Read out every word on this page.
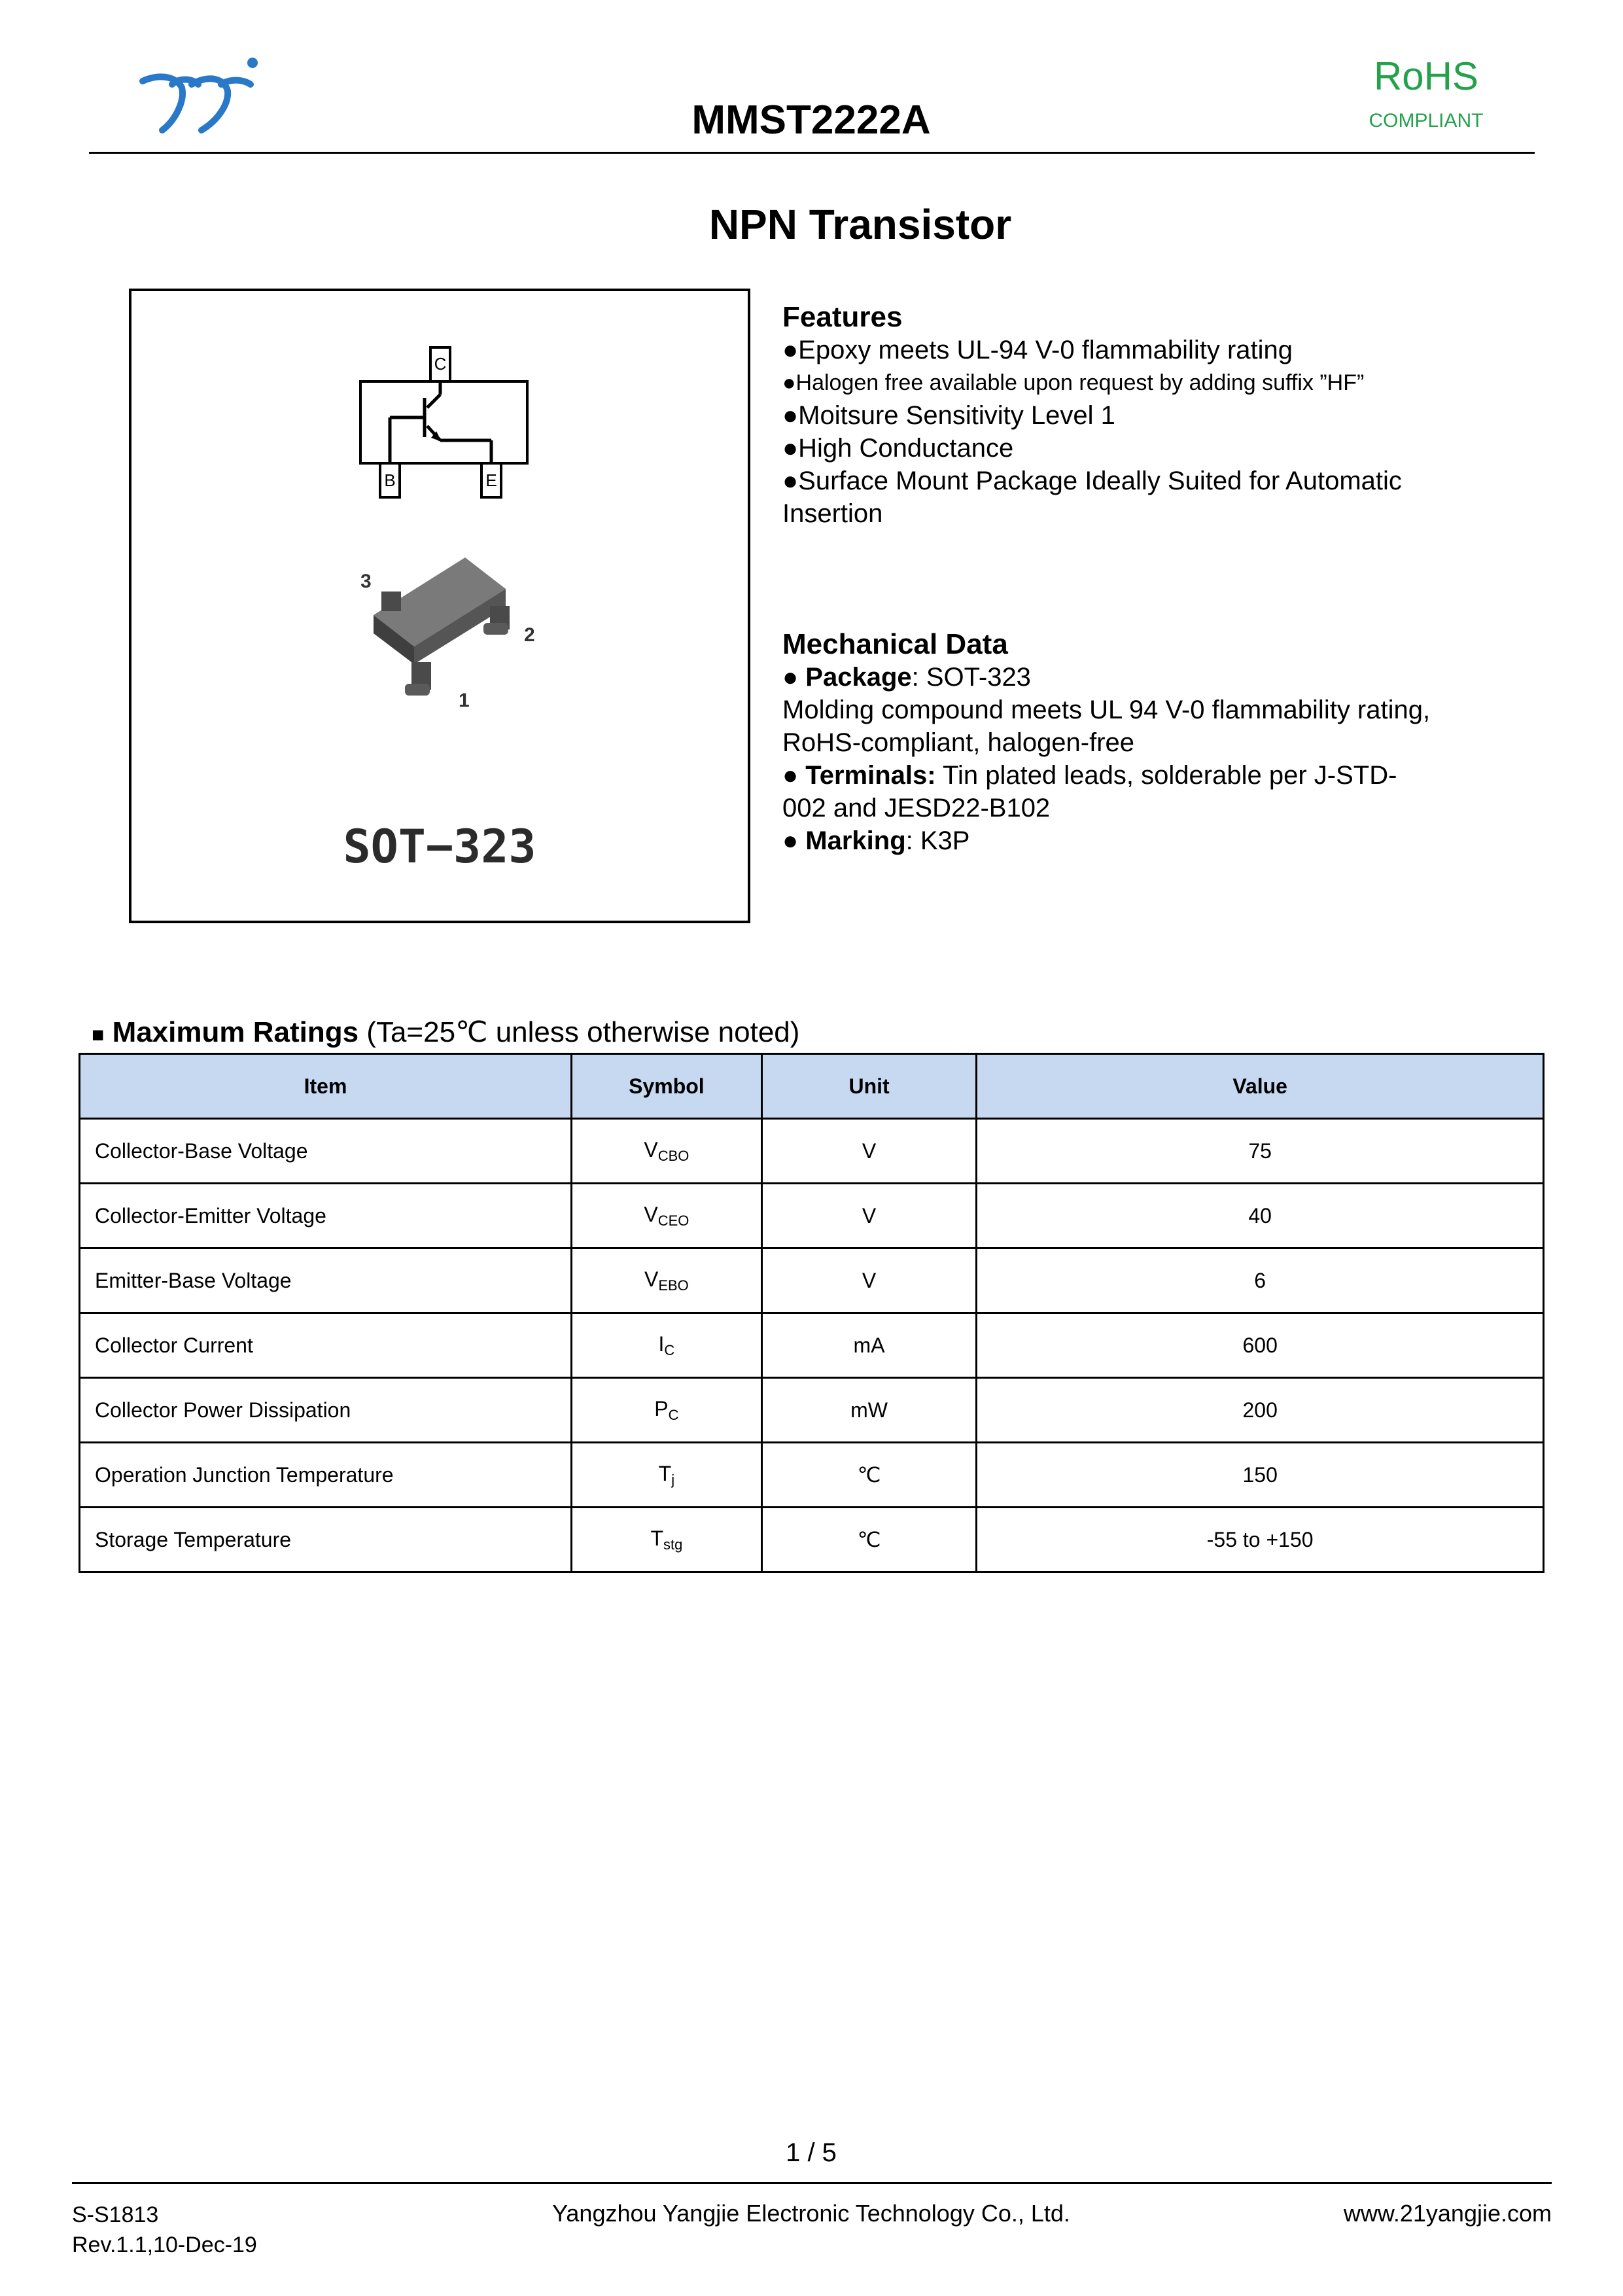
MMST2222A
RoHS
COMPLIANT
NPN Transistor
C
B	E
3
2
1
SOT−323
Features

●Epoxy meets UL-94 V-0 flammability rating

●Halogen free available upon request by adding suffix ”HF”

●Moitsure Sensitivity Level 1

●High Conductance

●Surface Mount Package Ideally Suited for Automatic Insertion

Mechanical Data

● Package: SOT-323

Molding compound meets UL 94 V-0 flammability rating, RoHS-compliant, halogen-free

● Terminals: Tin plated leads, solderable per J-STD-002 and JESD22-B102

● Marking: K3P

■ Maximum Ratings (Ta=25℃ unless otherwise noted)
Item	Symbol	Unit	Value
Collector-Base Voltage	$V_{CBO}$	V	75
Collector-Emitter Voltage	$V_{CEO}$	V	40
Emitter-Base Voltage	$V_{EBO}$	V	6
Collector Current	$I_C$	mA	600
Collector Power Dissipation	$P_C$	mW	200
Operation Junction Temperature	$T_j$	℃	150
Storage Temperature	$T_{stg}$	℃	-55 to +150
1 / 5
S-S1813
Rev.1.1,10-Dec-19
Yangzhou Yangjie Electronic Technology Co., Ltd.	www.21yangjie.com
